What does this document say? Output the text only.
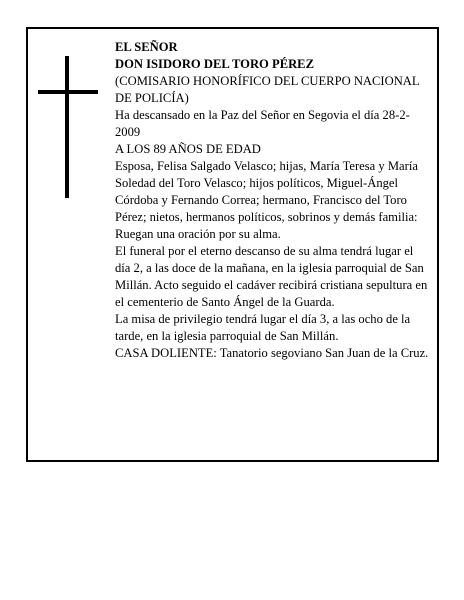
EL SEÑOR

DON ISIDORO DEL TORO PÉREZ

(COMISARIO HONORÍFICO DEL CUERPO NACIONAL DE POLICÍA)

Ha descansado en la Paz del Señor en Segovia el día 28-2-2009

A LOS 89 AÑOS DE EDAD

Esposa, Felisa Salgado Velasco; hijas, María Teresa y María Soledad del Toro Velasco; hijos políticos, Miguel-Ángel Córdoba y Fernando Correa; hermano, Francisco del Toro Pérez; nietos, hermanos políticos, sobrinos y demás familia:

Ruegan una oración por su alma.

El funeral por el eterno descanso de su alma tendrá lugar el día 2, a las doce de la mañana, en la iglesia parroquial de San Millán. Acto seguido el cadáver recibirá cristiana sepultura en el cementerio de Santo Ángel de la Guarda.

La misa de privilegio tendrá lugar el día 3, a las ocho de la tarde, en la iglesia parroquial de San Millán.

CASA DOLIENTE: Tanatorio segoviano San Juan de la Cruz.
